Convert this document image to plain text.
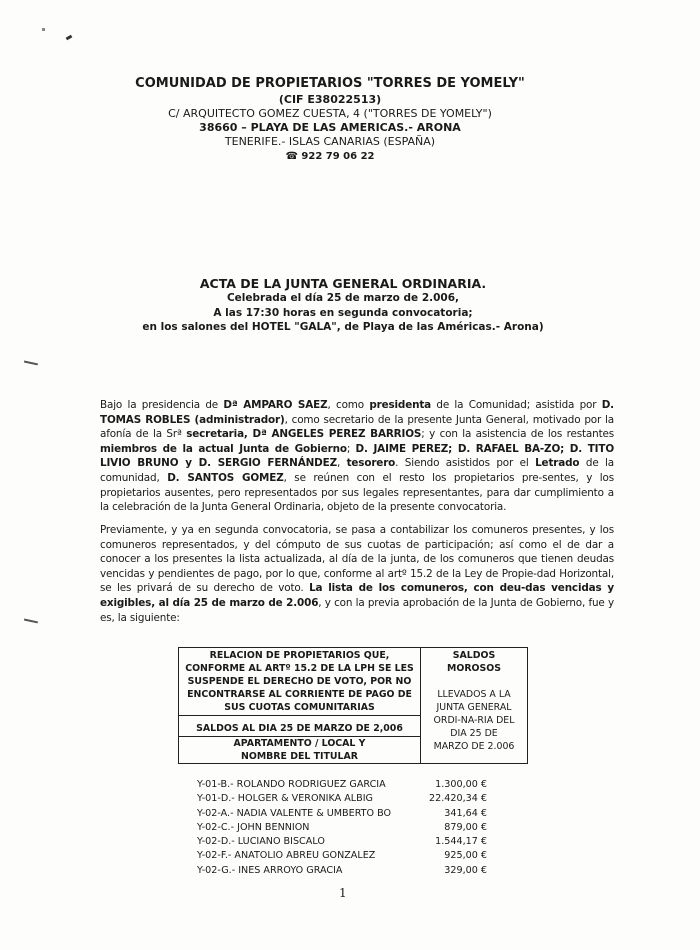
COMUNIDAD DE PROPIETARIOS "TORRES DE YOMELY"
(CIF E38022513)
C/ ARQUITECTO GOMEZ CUESTA, 4 ("TORRES DE YOMELY")
38660 – PLAYA DE LAS AMERICAS.- ARONA
TENERIFE.- ISLAS CANARIAS (ESPAÑA)
☎ 922 79 06 22
ACTA DE LA JUNTA GENERAL ORDINARIA.
Celebrada el día 25 de marzo de 2.006,
A las 17:30 horas en segunda convocatoria;
en los salones del HOTEL "GALA", de Playa de las Américas.- Arona)
Bajo la presidencia de Dª AMPARO SAEZ, como presidenta de la Comunidad; asistida por D. TOMAS ROBLES (administrador), como secretario de la presente Junta General, motivado por la afonía de la Srª secretaria, Dª ANGELES PEREZ BARRIOS; y con la asistencia de los restantes miembros de la actual Junta de Gobierno; D. JAIME PEREZ; D. RAFAEL BA-ZO; D. TITO LIVIO BRUNO y D. SERGIO FERNÁNDEZ, tesorero. Siendo asistidos por el Letrado de la comunidad, D. SANTOS GOMEZ, se reúnen con el resto los propietarios pre-sentes, y los propietarios ausentes, pero representados por sus legales representantes, para dar cumplimiento a la celebración de la Junta General Ordinaria, objeto de la presente convocatoria.
Previamente, y ya en segunda convocatoria, se pasa a contabilizar los comuneros presentes, y los comuneros representados, y del cómputo de sus cuotas de participación; así como el de dar a conocer a los presentes la lista actualizada, al día de la junta, de los comuneros que tienen deudas vencidas y pendientes de pago, por lo que, conforme al artº 15.2 de la Ley de Propie-dad Horizontal, se les privará de su derecho de voto. La lista de los comuneros, con deu-das vencidas y exigibles, al día 25 de marzo de 2.006, y con la previa aprobación de la Junta de Gobierno, fue y es, la siguiente:
RELACION DE PROPIETARIOS QUE, CONFORME AL ARTº 15.2 DE LA LPH SE LES SUSPENDE EL DERECHO DE VOTO, POR NO ENCONTRARSE AL CORRIENTE DE PAGO DE SUS CUOTAS COMUNITARIAS	
SALDOS MOROSOS
LLEVADOS A LA JUNTA GENERAL ORDI-NA-RIA DEL DIA 25 DE MARZO DE 2.006

SALDOS AL DIA 25 DE MARZO DE 2,006
APARTAMENTO / LOCAL Y NOMBRE DEL TITULAR
Y-01-B.- ROLANDO RODRIGUEZ GARCIA	1.300,00 €
Y-01-D.- HOLGER & VERONIKA ALBIG	22.420,34 €
Y-02-A.- NADIA VALENTE & UMBERTO BO	341,64 €
Y-02-C.- JOHN BENNION	879,00 €
Y-02-D.- LUCIANO BISCALO	1.544,17 €
Y-02-F.- ANATOLIO ABREU GONZALEZ	925,00 €
Y-02-G.- INES ARROYO GRACIA	329,00 €
1
